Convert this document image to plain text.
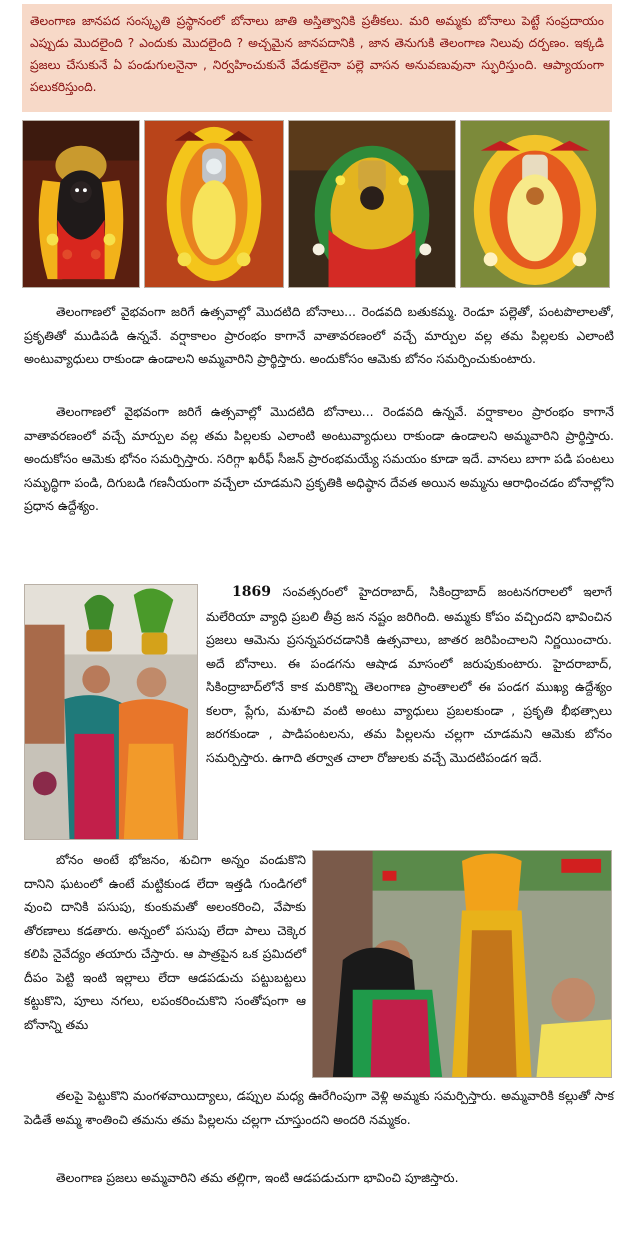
తెలంగాణ జానపద సంస్కృతి ప్రస్థానంలో బోనాలు జాతి అస్తిత్వానికి ప్రతీకలు. మరి అమ్మకు బోనాలు పెట్టే సంప్రదాయం ఎప్పుడు మొదలైంది ? ఎందుకు మొదలైంది ? అచ్చమైన జానపదానికి , జాన తెనుగుకి తెలంగాణ నిలువు దర్పణం. ఇక్కడి ప్రజలు చేసుకునే ఏ పండుగులనైనా , నిర్వహించుకునే వేడుకలైనా పల్లె వాసన అనువణువునా స్ఫురిస్తుంది. ఆప్యాయంగా పలుకరిస్తుంది.

తెలంగాణలో వైభవంగా జరిగే ఉత్సవాల్లో మొదటిది బోనాలు... రెండవది బతుకమ్మ. రెండూ పల్లెతో, పంటపొలాలతో, ప్రకృతితో ముడిపడి ఉన్నవే. వర్షాకాలం ప్రారంభం కాగానే వాతావరణంలో వచ్చే మార్పుల వల్ల తమ పిల్లలకు ఎలాంటి అంటువ్యాధులు రాకుండా ఉండాలని అమ్మవారిని ప్రార్థిస్తారు. అందుకోసం ఆమెకు బోనం సమర్పించుకుంటారు.

తెలంగాణలో వైభవంగా జరిగే ఉత్సవాల్లో మొదటిది బోనాలు... రెండవది ఉన్నవే. వర్షాకాలం ప్రారంభం కాగానే వాతావరణంలో వచ్చే మార్పుల వల్ల తమ పిల్లలకు ఎలాంటి అంటువ్యాధులు రాకుండా ఉండాలని అమ్మవారిని ప్రార్థిస్తారు. అందుకోసం ఆమెకు భోనం సమర్పిస్తారు. సరిగ్గా ఖరీఫ్ సీజన్ ప్రారంభమయ్యే సమయం కూడా ఇదే. వానలు బాగా పడి పంటలు సమృద్ధిగా పండి, దిగుబడి గణనీయంగా వచ్చేలా చూడమని ప్రకృతికి అధిష్ఠాన దేవత అయిన అమ్మను ఆరాధించడం బోనాల్లోని ప్రధాన ఉద్దేశ్యం.

1869 సంవత్సరంలో హైదరాబాద్, సికింద్రాబాద్ జంటనగరాలలో ఇలాగే మలేరియా వ్యాధి ప్రబలి తీవ్ర జన నష్టం జరిగింది. అమ్మకు కోపం వచ్చిందని భావించిన ప్రజలు ఆమెను ప్రసన్నపరచడానికి ఉత్సవాలు, జాతర జరిపించాలని నిర్ణయించారు. అదే బోనాలు. ఈ పండగను ఆషాడ మాసంలో జరుపుకుంటారు. హైదరాబాద్, సికింద్రాబాద్‌లోనే కాక మరికొన్ని తెలంగాణ ప్రాంతాలలో ఈ పండగ ముఖ్య ఉద్దేశ్యం కలరా, ప్లేగు, మశూచి వంటి అంటు వ్యాధులు ప్రబలకుండా , ప్రకృతి భీభత్సాలు జరగకుండా , పాడిపంటలను, తమ పిల్లలను చల్లగా చూడమని ఆమెకు బోనం సమర్పిస్తారు. ఉగాది తర్వాత చాలా రోజులకు వచ్చే మొదటిపండగ ఇదే.

బోనం అంటే భోజనం, శుచిగా అన్నం వండుకొని దానిని ఘటంలో ఉంటే మట్టికుండ లేదా ఇత్తడి గుండిగలో వుంచి దానికి పసుపు, కుంకుమతో అలంకరించి, వేపాకు తోరణాలు కడతారు. అన్నంలో పసుపు లేదా పాలు చెక్కెర కలిపి నైవేద్యం తయారు చేస్తారు. ఆ పాత్రపైన ఒక ప్రమిదలో దీపం పెట్టి ఇంటి ఇల్లాలు లేదా ఆడపడుచు పట్టుబట్టలు కట్టుకొని, పూలు నగలు, లపంకరించుకొని సంతోషంగా ఆ బోనాన్ని తమ

తలపై పెట్టుకొని మంగళవాయిద్యాలు, డప్పుల మధ్య ఊరేగింపుగా వెళ్లి అమ్మకు సమర్పిస్తారు. అమ్మవారికి కల్లుతో సాక పెడితే అమ్మ శాంతించి తమను తమ పిల్లలను చల్లగా చూస్తుందని అందరి నమ్మకం.

తెలంగాణ ప్రజలు అమ్మవారిని తమ తల్లిగా, ఇంటి ఆడపడుచుగా భావించి పూజిస్తారు.
